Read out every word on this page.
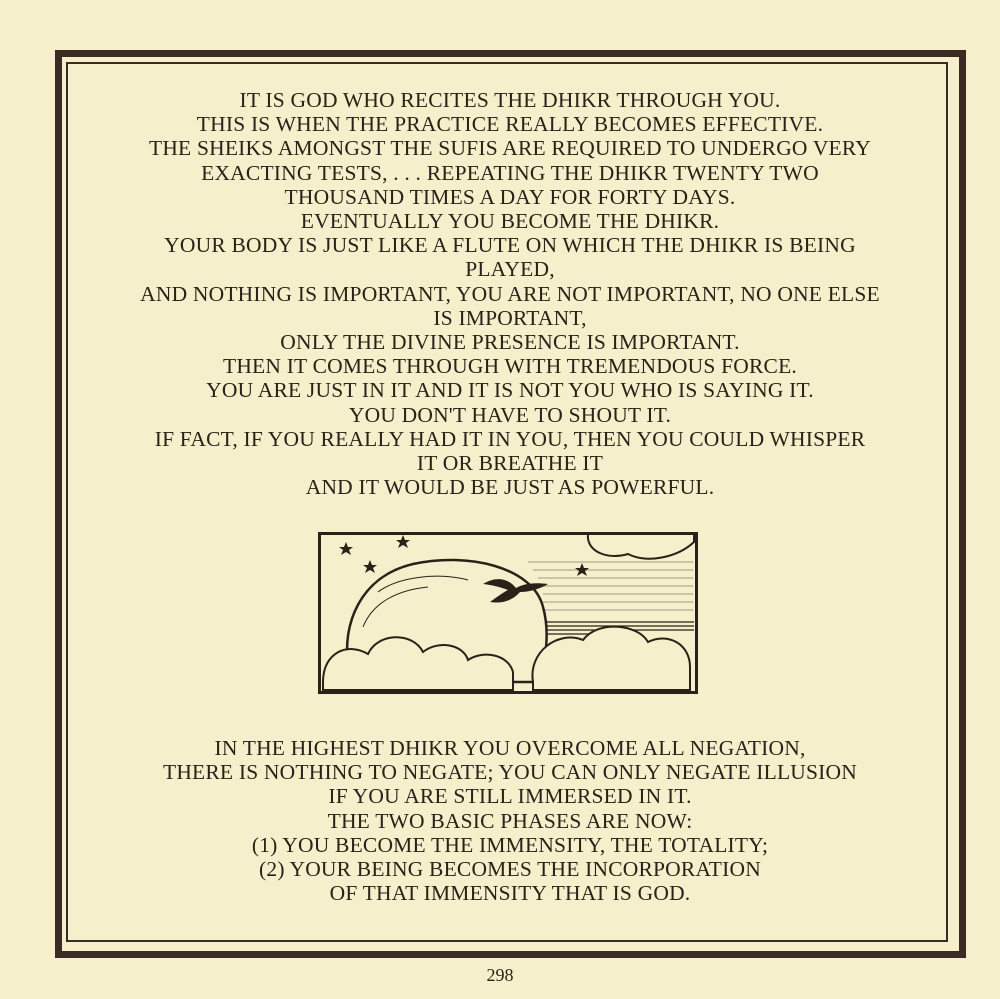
IT IS GOD WHO RECITES THE DHIKR THROUGH YOU.
THIS IS WHEN THE PRACTICE REALLY BECOMES EFFECTIVE.
THE SHEIKS AMONGST THE SUFIS ARE REQUIRED TO UNDERGO VERY
EXACTING TESTS, . . . REPEATING THE DHIKR TWENTY TWO
THOUSAND TIMES A DAY FOR FORTY DAYS.
EVENTUALLY YOU BECOME THE DHIKR.
YOUR BODY IS JUST LIKE A FLUTE ON WHICH THE DHIKR IS BEING
PLAYED,
AND NOTHING IS IMPORTANT, YOU ARE NOT IMPORTANT, NO ONE ELSE
IS IMPORTANT,
ONLY THE DIVINE PRESENCE IS IMPORTANT.
THEN IT COMES THROUGH WITH TREMENDOUS FORCE.
YOU ARE JUST IN IT AND IT IS NOT YOU WHO IS SAYING IT.
YOU DON'T HAVE TO SHOUT IT.
IF FACT, IF YOU REALLY HAD IT IN YOU, THEN YOU COULD WHISPER
IT OR BREATHE IT
AND IT WOULD BE JUST AS POWERFUL.
IN THE HIGHEST DHIKR YOU OVERCOME ALL NEGATION,
THERE IS NOTHING TO NEGATE; YOU CAN ONLY NEGATE ILLUSION
IF YOU ARE STILL IMMERSED IN IT.
THE TWO BASIC PHASES ARE NOW:
(1) YOU BECOME THE IMMENSITY, THE TOTALITY;
(2) YOUR BEING BECOMES THE INCORPORATION
OF THAT IMMENSITY THAT IS GOD.
298
